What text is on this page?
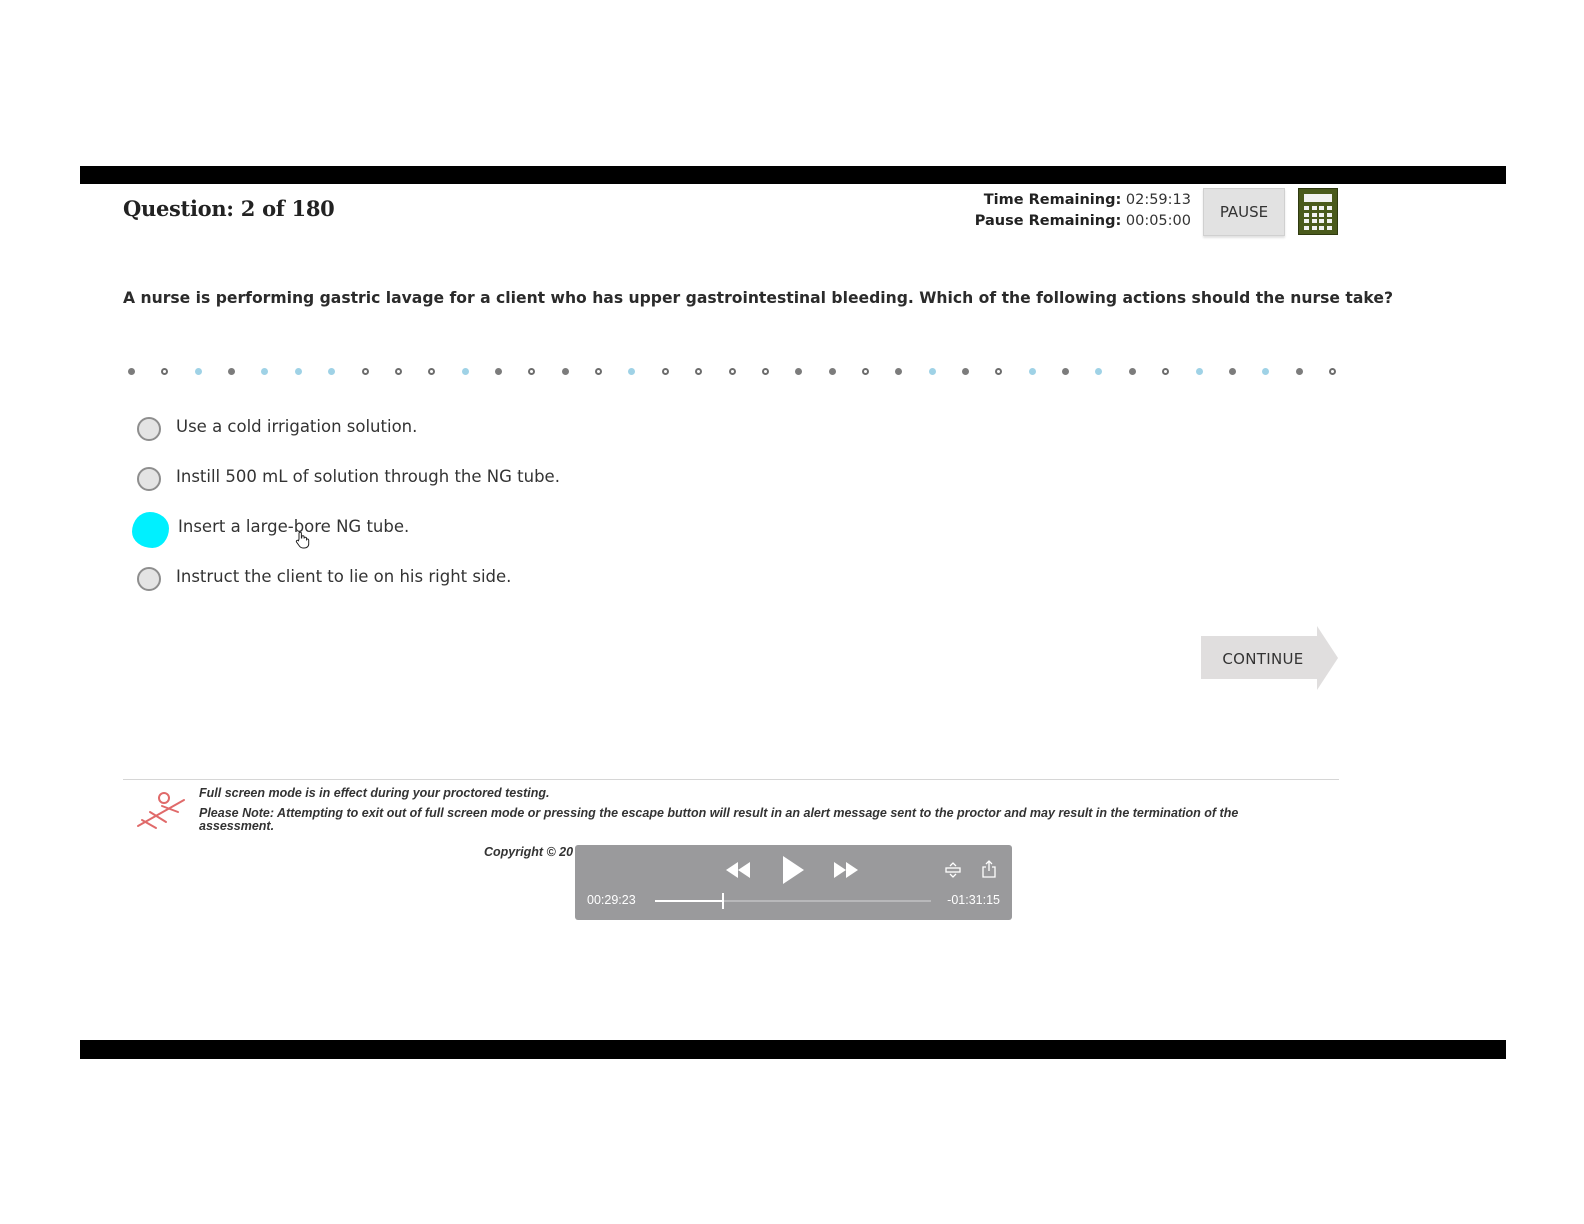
Question: 2 of 180	Time Remaining: 02:59:13
Pause Remaining: 00:05:00	PAUSE
A nurse is performing gastric lavage for a client who has upper gastrointestinal bleeding. Which of the following actions should the nurse take?
Use a cold irrigation solution.
Instill 500 mL of solution through the NG tube.
Insert a large-bore NG tube.
Instruct the client to lie on his right side.
CONTINUE

Full screen mode is in effect during your proctored testing.

Please Note: Attempting to exit out of full screen mode or pressing the escape button will result in an alert message sent to the proctor and may result in the termination of the assessment.

Copyright © 20
00:29:23	-01:31:15
